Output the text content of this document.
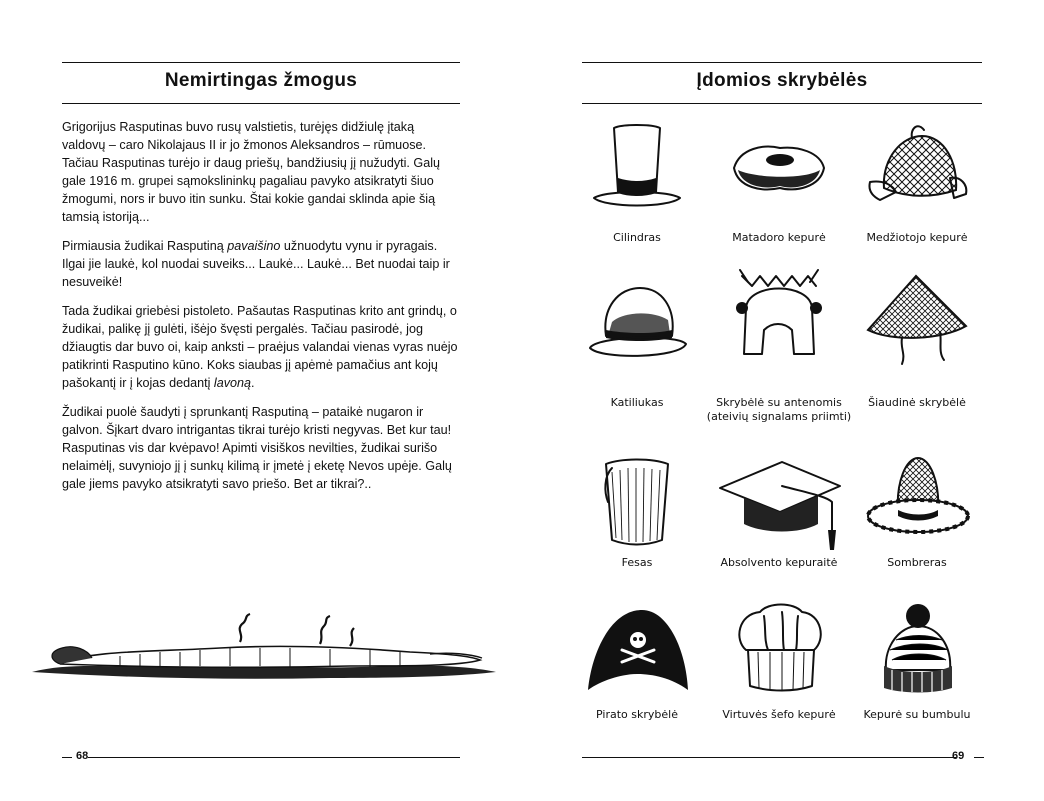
Nemirtingas žmogus

Grigorijus Rasputinas buvo rusų valstietis, turėjęs didžiulę įtaką valdovų – caro Nikolajaus II ir jo žmonos Aleksandros – rūmuose. Tačiau Rasputinas turėjo ir daug priešų, bandžiusių jį nužudyti. Galų gale 1916 m. grupei sąmokslininkų pagaliau pavyko atsikratyti šiuo žmogumi, nors ir buvo itin sunku. Štai kokie gandai sklinda apie šią tamsią istoriją...

Pirmiausia žudikai Rasputiną pavaišino užnuodytu vynu ir pyragais. Ilgai jie laukė, kol nuodai suveiks... Laukė... Laukė... Bet nuodai taip ir nesuveikė!

Tada žudikai griebėsi pistoleto. Pašautas Rasputinas krito ant grindų, o žudikai, palikę jį gulėti, išėjo švęsti pergalės. Tačiau pasirodė, jog džiaugtis dar buvo oi, kaip anksti – praėjus valandai vienas vyras nuėjo patikrinti Rasputino kūno. Koks siaubas jį apėmė pamačius ant kojų pašokantį ir į kojas dedantį lavoną.

Žudikai puolė šaudyti į sprunkantį Rasputiną – pataikė nugaron ir galvon. Šįkart dvaro intrigantas tikrai turėjo kristi negyvas. Bet kur tau! Rasputinas vis dar kvėpavo! Apimti visiškos nevilties, žudikai surišo nelaimėlį, suvyniojo jį į sunkų kilimą ir įmetė į eketę Nevos upėje. Galų gale jiems pavyko atsikratyti savo priešo. Bet ar tikrai?..

68
Įdomios skrybėlės
Cilindras	Matadoro kepurė	Medžiotojo kepurė
Katiliukas	Skrybėlė su antenomis (ateivių signalams priimti)
Šiaudinė skrybėlė
Fesas	Absolvento kepuraitė	Sombreras
Pirato skrybėlė	Virtuvės šefo kepurė	Kepurė su bumbulu
69
